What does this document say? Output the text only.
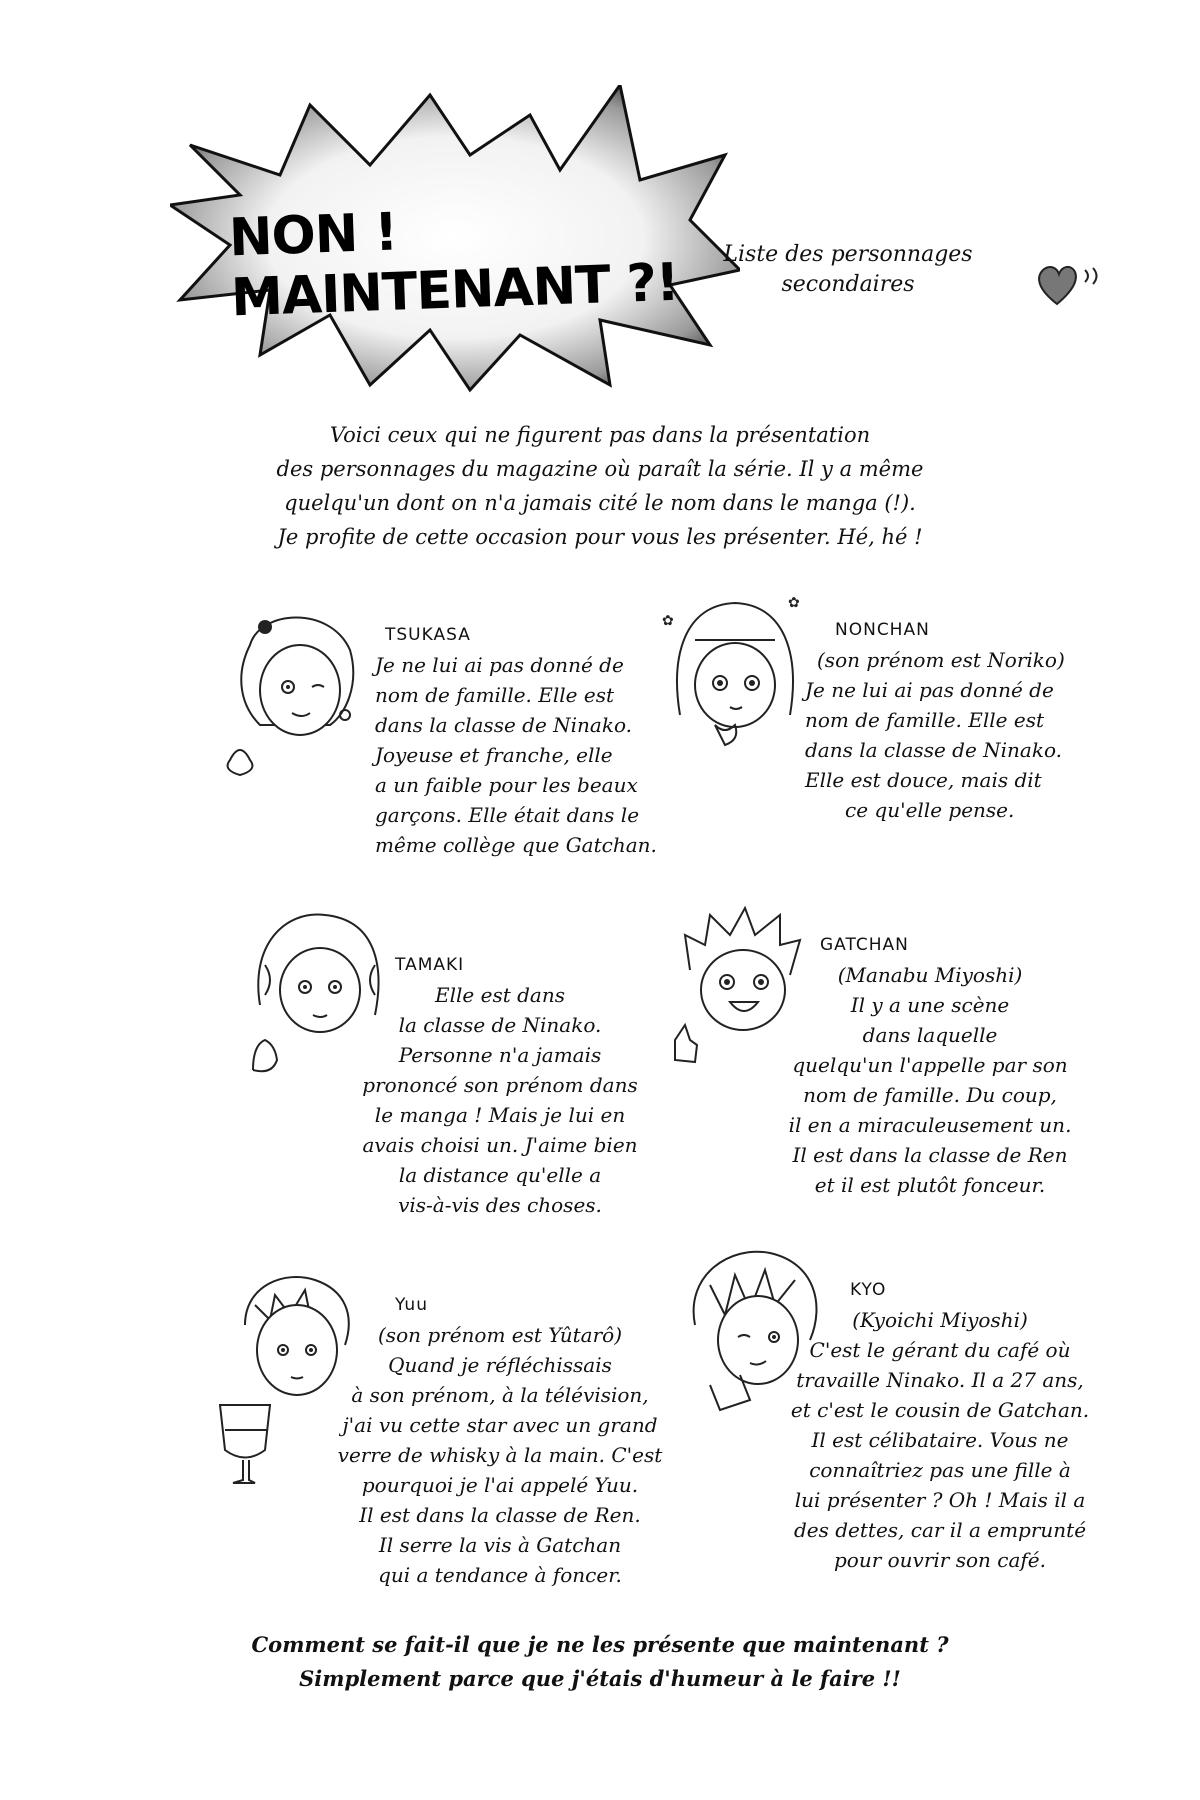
NON ! MAINTENANT ?!	Liste des personnages
secondaires
Voici ceux qui ne figurent pas dans la présentation
des personnages du magazine où paraît la série. Il y a même
quelqu'un dont on n'a jamais cité le nom dans le manga (!).
Je profite de cette occasion pour vous les présenter. Hé, hé !
✿
✿
TSUKASA
Je ne lui ai pas donné de
nom de famille. Elle est
dans la classe de Ninako.
Joyeuse et franche, elle
a un faible pour les beaux
garçons. Elle était dans le
même collège que Gatchan.
NONCHAN
(son prénom est Noriko)
Je ne lui ai pas donné de
nom de famille. Elle est
dans la classe de Ninako.
Elle est douce, mais dit
ce qu'elle pense.
TAMAKI
Elle est dans
la classe de Ninako.
Personne n'a jamais
prononcé son prénom dans
le manga ! Mais je lui en
avais choisi un. J'aime bien
la distance qu'elle a
vis-à-vis des choses.
GATCHAN
(Manabu Miyoshi)
Il y a une scène
dans laquelle
quelqu'un l'appelle par son
nom de famille. Du coup,
il en a miraculeusement un.
Il est dans la classe de Ren
et il est plutôt fonceur.
Yuu
(son prénom est Yûtarô)
Quand je réfléchissais
à son prénom, à la télévision,
j'ai vu cette star avec un grand
verre de whisky à la main. C'est
pourquoi je l'ai appelé Yuu.
Il est dans la classe de Ren.
Il serre la vis à Gatchan
qui a tendance à foncer.
KYO
(Kyoichi Miyoshi)
C'est le gérant du café où
travaille Ninako. Il a 27 ans,
et c'est le cousin de Gatchan.
Il est célibataire. Vous ne
connaîtriez pas une fille à
lui présenter ? Oh ! Mais il a
des dettes, car il a emprunté
pour ouvrir son café.
Comment se fait-il que je ne les présente que maintenant ?
Simplement parce que j'étais d'humeur à le faire !!
